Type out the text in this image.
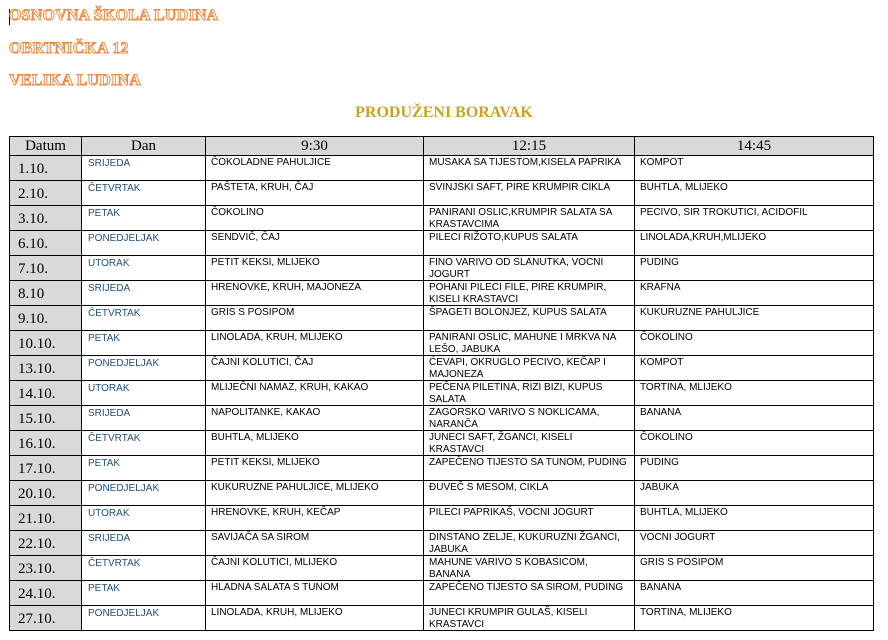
OSNOVNA ŠKOLA LUDINA
OBRTNIČKA 12
VELIKA LUDINA
PRODUŽENI BORAVAK
Datum	Dan	9:30	12:15	14:45
1.10.	SRIJEDA	ČOKOLADNE PAHULJICE	MUSAKA SA TIJESTOM,KISELA PAPRIKA	KOMPOT
2.10.	ČETVRTAK	PAŠTETA, KRUH, ČAJ	SVINJSKI SAFT, PIRE KRUMPIR CIKLA	BUHTLA, MLIJEKO
3.10.	PETAK	ČOKOLINO	PANIRANI OSLIC,KRUMPIR SALATA SA KRASTAVCIMA	PECIVO, SIR TROKUTICI, ACIDOFIL
6.10.	PONEDJELJAK	SENDVIČ, ČAJ	PILECI RIŽOTO,KUPUS SALATA	LINOLADA,KRUH,MLIJEKO
7.10.	UTORAK	PETIT KEKSI, MLIJEKO	FINO VARIVO OD SLANUTKA, VOCNI JOGURT	PUDING
8.10	SRIJEDA	HRENOVKE, KRUH, MAJONEZA	POHANI PILECI FILE, PIRE KRUMPIR, KISELI KRASTAVCI	KRAFNA
9.10.	ČETVRTAK	GRIS S POSIPOM	ŠPAGETI BOLONJEZ, KUPUS SALATA	KUKURUZNE PAHULJICE
10.10.	PETAK	LINOLADA, KRUH, MLIJEKO	PANIRANI OSLIC, MAHUNE I MRKVA NA LEŠO, JABUKA	ČOKOLINO
13.10.	PONEDJELJAK	ČAJNI KOLUTICI, ČAJ	ĆEVAPI, OKRUGLO PECIVO, KEČAP I MAJONEZA	KOMPOT
14.10.	UTORAK	MLIJEČNI NAMAZ, KRUH, KAKAO	PEČENA PILETINA, RIZI BIZI, KUPUS SALATA	TORTINA, MLIJEKO
15.10.	SRIJEDA	NAPOLITANKE, KAKAO	ZAGORSKO VARIVO S NOKLICAMA, NARANČA	BANANA
16.10.	ČETVRTAK	BUHTLA, MLIJEKO	JUNECI SAFT, ŽGANCI, KISELI KRASTAVCI	ČOKOLINO
17.10.	PETAK	PETIT KEKSI, MLIJEKO	ZAPEČENO TIJESTO SA TUNOM, PUDING	PUDING
20.10.	PONEDJELJAK	KUKURUZNE PAHULJICE, MLIJEKO	ĐUVEČ S MESOM, CIKLA	JABUKA
21.10.	UTORAK	HRENOVKE, KRUH, KEČAP	PILECI PAPRIKAŠ, VOCNI JOGURT	BUHTLA, MLIJEKO
22.10.	SRIJEDA	SAVIJAČA SA SIROM	DINSTANO ZELJE, KUKURUZNI ŽGANCI, JABUKA	VOCNI JOGURT
23.10.	ČETVRTAK	ČAJNI KOLUTICI, MLIJEKO	MAHUNE VARIVO S KOBASICOM, BANANA	GRIS S POSIPOM
24.10.	PETAK	HLADNA SALATA S TUNOM	ZAPEČENO TIJESTO SA SIROM, PUDING	BANANA
27.10.	PONEDJELJAK	LINOLADA, KRUH, MLIJEKO	JUNECI KRUMPIR GULAŠ, KISELI KRASTAVCI	TORTINA, MLIJEKO
